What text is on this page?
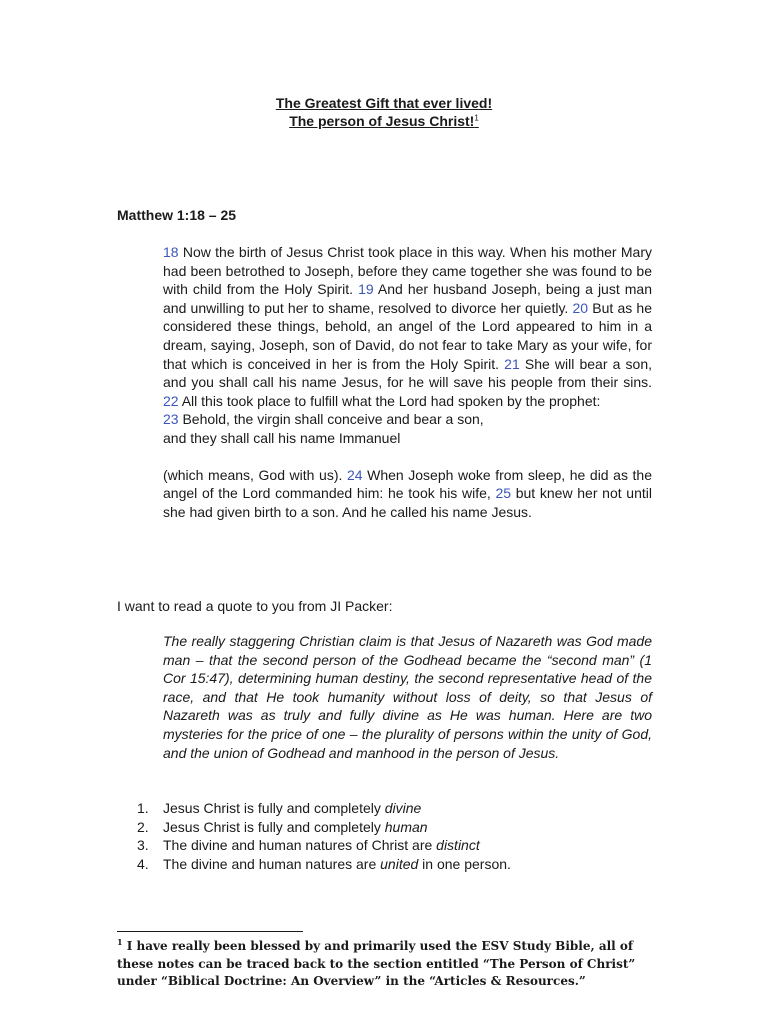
The Greatest Gift that ever lived!
The person of Jesus Christ!$^1$
Matthew 1:18 – 25

18 Now the birth of Jesus Christ took place in this way. When his mother Mary had been betrothed to Joseph, before they came together she was found to be with child from the Holy Spirit. 19 And her husband Joseph, being a just man and unwilling to put her to shame, resolved to divorce her quietly. 20 But as he considered these things, behold, an angel of the Lord appeared to him in a dream, saying, Joseph, son of David, do not fear to take Mary as your wife, for that which is conceived in her is from the Holy Spirit. 21 She will bear a son, and you shall call his name Jesus, for he will save his people from their sins. 22 All this took place to fulfill what the Lord had spoken by the prophet:

23 Behold, the virgin shall conceive and bear a son,

and they shall call his name Immanuel

(which means, God with us). 24 When Joseph woke from sleep, he did as the angel of the Lord commanded him: he took his wife, 25 but knew her not until she had given birth to a son. And he called his name Jesus.

I want to read a quote to you from JI Packer:

The really staggering Christian claim is that Jesus of Nazareth was God made man – that the second person of the Godhead became the “second man” (1 Cor 15:47), determining human destiny, the second representative head of the race, and that He took humanity without loss of deity, so that Jesus of Nazareth was as truly and fully divine as He was human. Here are two mysteries for the price of one – the plurality of persons within the unity of God, and the union of Godhead and manhood in the person of Jesus.

1. Jesus Christ is fully and completely divine
2. Jesus Christ is fully and completely human
3. The divine and human natures of Christ are distinct
4. The divine and human natures are united in one person.

$^1$ I have really been blessed by and primarily used the ESV Study Bible, all of these notes can be traced back to the section entitled “The Person of Christ” under “Biblical Doctrine: An Overview” in the “Articles & Resources.”
